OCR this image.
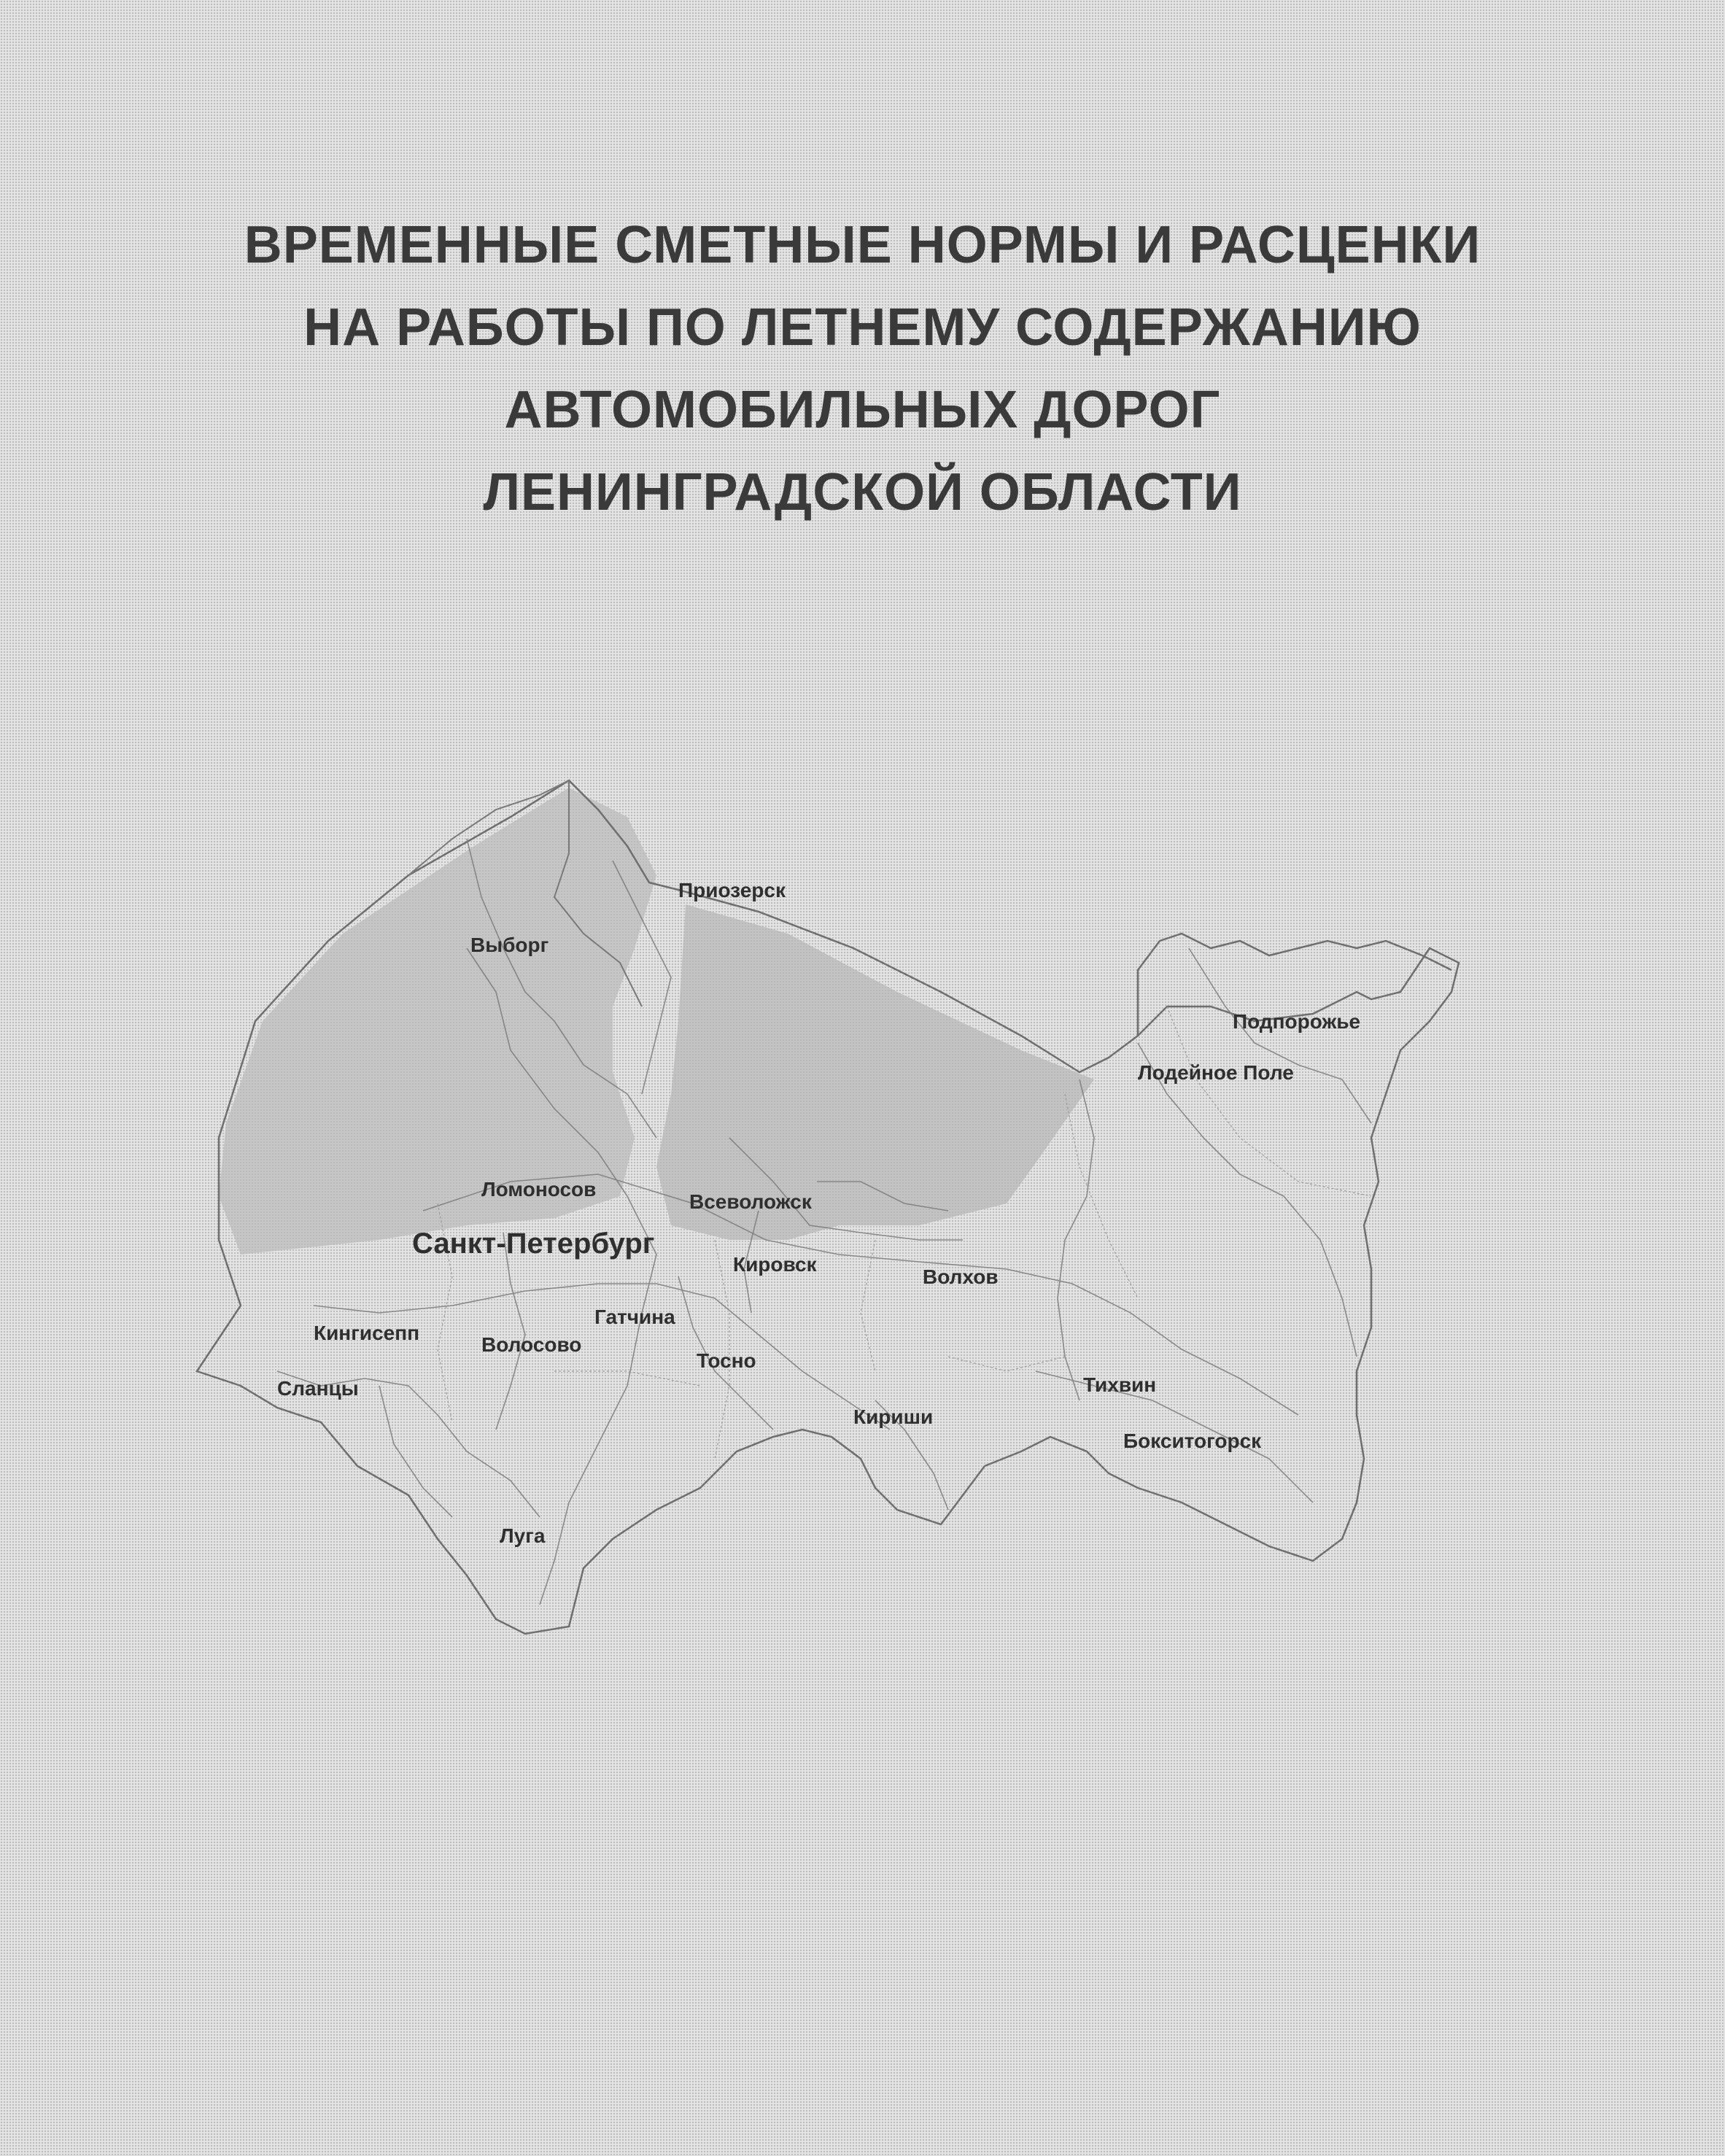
ВРЕМЕННЫЕ СМЕТНЫЕ НОРМЫ И РАСЦЕНКИ
НА РАБОТЫ ПО ЛЕТНЕМУ СОДЕРЖАНИЮ
АВТОМОБИЛЬНЫХ ДОРОГ
ЛЕНИНГРАДСКОЙ ОБЛАСТИ
Приозерск
Выборг
Подпорожье
Лодейное Поле
Ломоносов
Всеволожск
Санкт-Петербург
Кировск
Волхов
Гатчина
Кингисепп
Волосово
Тосно
Сланцы
Кириши
Тихвин
Бокситогорск
Луга
